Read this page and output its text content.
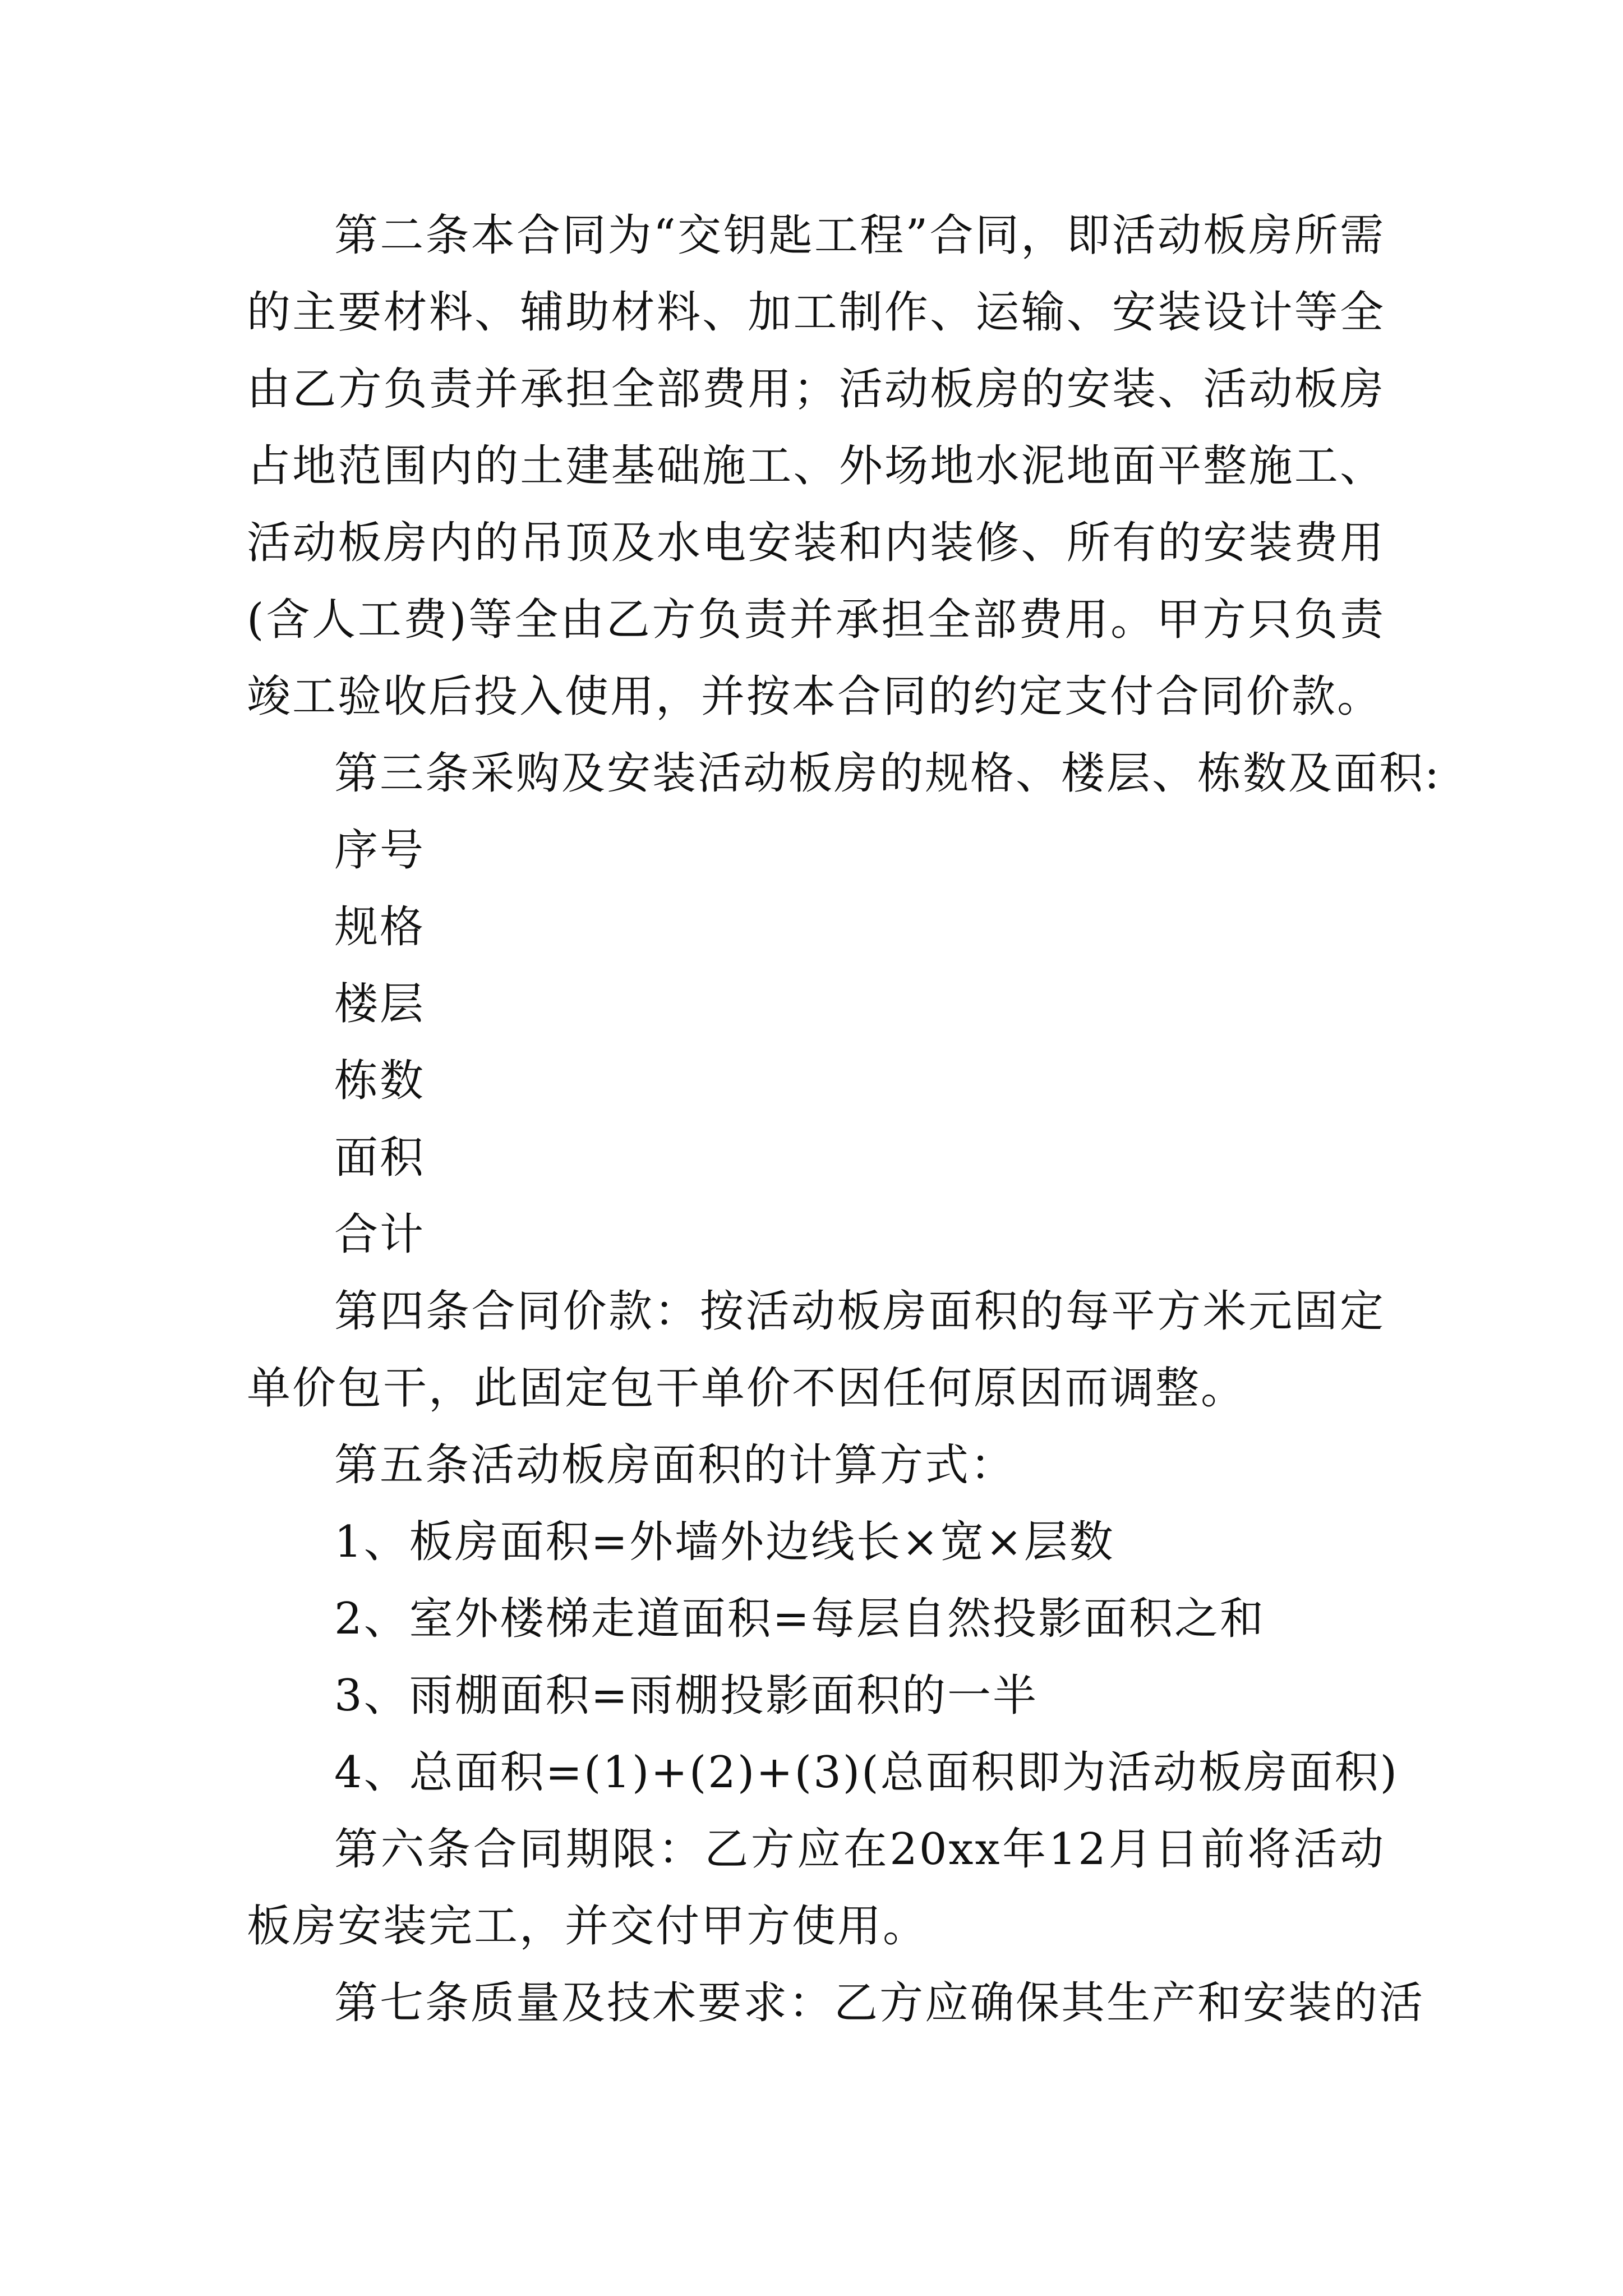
第二条本合同为“交钥匙工程”合同，即活动板房所需的主要材料、辅助材料、加工制作、运输、安装设计等全由乙方负责并承担全部费用；活动板房的安装、活动板房占地范围内的土建基础施工、外场地水泥地面平整施工、活动板房内的吊顶及水电安装和内装修、所有的安装费用(含人工费)等全由乙方负责并承担全部费用。甲方只负责竣工验收后投入使用，并按本合同的约定支付合同价款。

第三条采购及安装活动板房的规格、楼层、栋数及面积:

序号

规格

楼层

栋数

面积

合计

第四条合同价款：按活动板房面积的每平方米元固定单价包干，此固定包干单价不因任何原因而调整。

第五条活动板房面积的计算方式：

1、板房面积=外墙外边线长×宽×层数

2、室外楼梯走道面积=每层自然投影面积之和

3、雨棚面积=雨棚投影面积的一半

4、总面积=(1)+(2)+(3)(总面积即为活动板房面积)

第六条合同期限：乙方应在20xx年12月日前将活动板房安装完工，并交付甲方使用。

第七条质量及技术要求：乙方应确保其生产和安装的活
